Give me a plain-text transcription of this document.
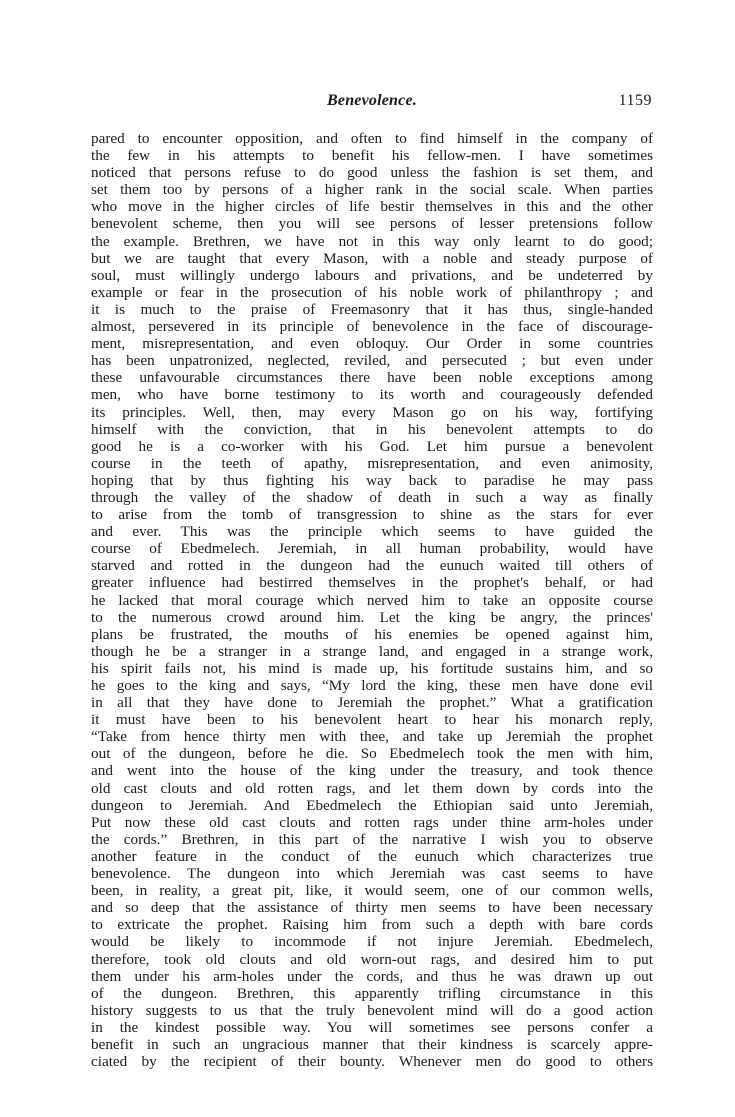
Benevolence.	1159
pared to encounter opposition, and often to find himself in the company of
the few in his attempts to benefit his fellow-men. I have sometimes
noticed that persons refuse to do good unless the fashion is set them, and
set them too by persons of a higher rank in the social scale. When parties
who move in the higher circles of life bestir themselves in this and the other
benevolent scheme, then you will see persons of lesser pretensions follow
the example. Brethren, we have not in this way only learnt to do good;
but we are taught that every Mason, with a noble and steady purpose of
soul, must willingly undergo labours and privations, and be undeterred by
example or fear in the prosecution of his noble work of philanthropy ; and
it is much to the praise of Freemasonry that it has thus, single-handed
almost, persevered in its principle of benevolence in the face of discourage-
ment, misrepresentation, and even obloquy. Our Order in some countries
has been unpatronized, neglected, reviled, and persecuted ; but even under
these unfavourable circumstances there have been noble exceptions among
men, who have borne testimony to its worth and courageously defended
its principles. Well, then, may every Mason go on his way, fortifying
himself with the conviction, that in his benevolent attempts to do
good he is a co-worker with his God. Let him pursue a benevolent
course in the teeth of apathy, misrepresentation, and even animosity,
hoping that by thus fighting his way back to paradise he may pass
through the valley of the shadow of death in such a way as finally
to arise from the tomb of transgression to shine as the stars for ever
and ever. This was the principle which seems to have guided the
course of Ebedmelech. Jeremiah, in all human probability, would have
starved and rotted in the dungeon had the eunuch waited till others of
greater influence had bestirred themselves in the prophet's behalf, or had
he lacked that moral courage which nerved him to take an opposite course
to the numerous crowd around him. Let the king be angry, the princes'
plans be frustrated, the mouths of his enemies be opened against him,
though he be a stranger in a strange land, and engaged in a strange work,
his spirit fails not, his mind is made up, his fortitude sustains him, and so
he goes to the king and says, “My lord the king, these men have done evil
in all that they have done to Jeremiah the prophet.” What a gratification
it must have been to his benevolent heart to hear his monarch reply,
“Take from hence thirty men with thee, and take up Jeremiah the prophet
out of the dungeon, before he die. So Ebedmelech took the men with him,
and went into the house of the king under the treasury, and took thence
old cast clouts and old rotten rags, and let them down by cords into the
dungeon to Jeremiah. And Ebedmelech the Ethiopian said unto Jeremiah,
Put now these old cast clouts and rotten rags under thine arm-holes under
the cords.” Brethren, in this part of the narrative I wish you to observe
another feature in the conduct of the eunuch which characterizes true
benevolence. The dungeon into which Jeremiah was cast seems to have
been, in reality, a great pit, like, it would seem, one of our common wells,
and so deep that the assistance of thirty men seems to have been necessary
to extricate the prophet. Raising him from such a depth with bare cords
would be likely to incommode if not injure Jeremiah. Ebedmelech,
therefore, took old clouts and old worn-out rags, and desired him to put
them under his arm-holes under the cords, and thus he was drawn up out
of the dungeon. Brethren, this apparently trifling circumstance in this
history suggests to us that the truly benevolent mind will do a good action
in the kindest possible way. You will sometimes see persons confer a
benefit in such an ungracious manner that their kindness is scarcely appre-
ciated by the recipient of their bounty. Whenever men do good to others
